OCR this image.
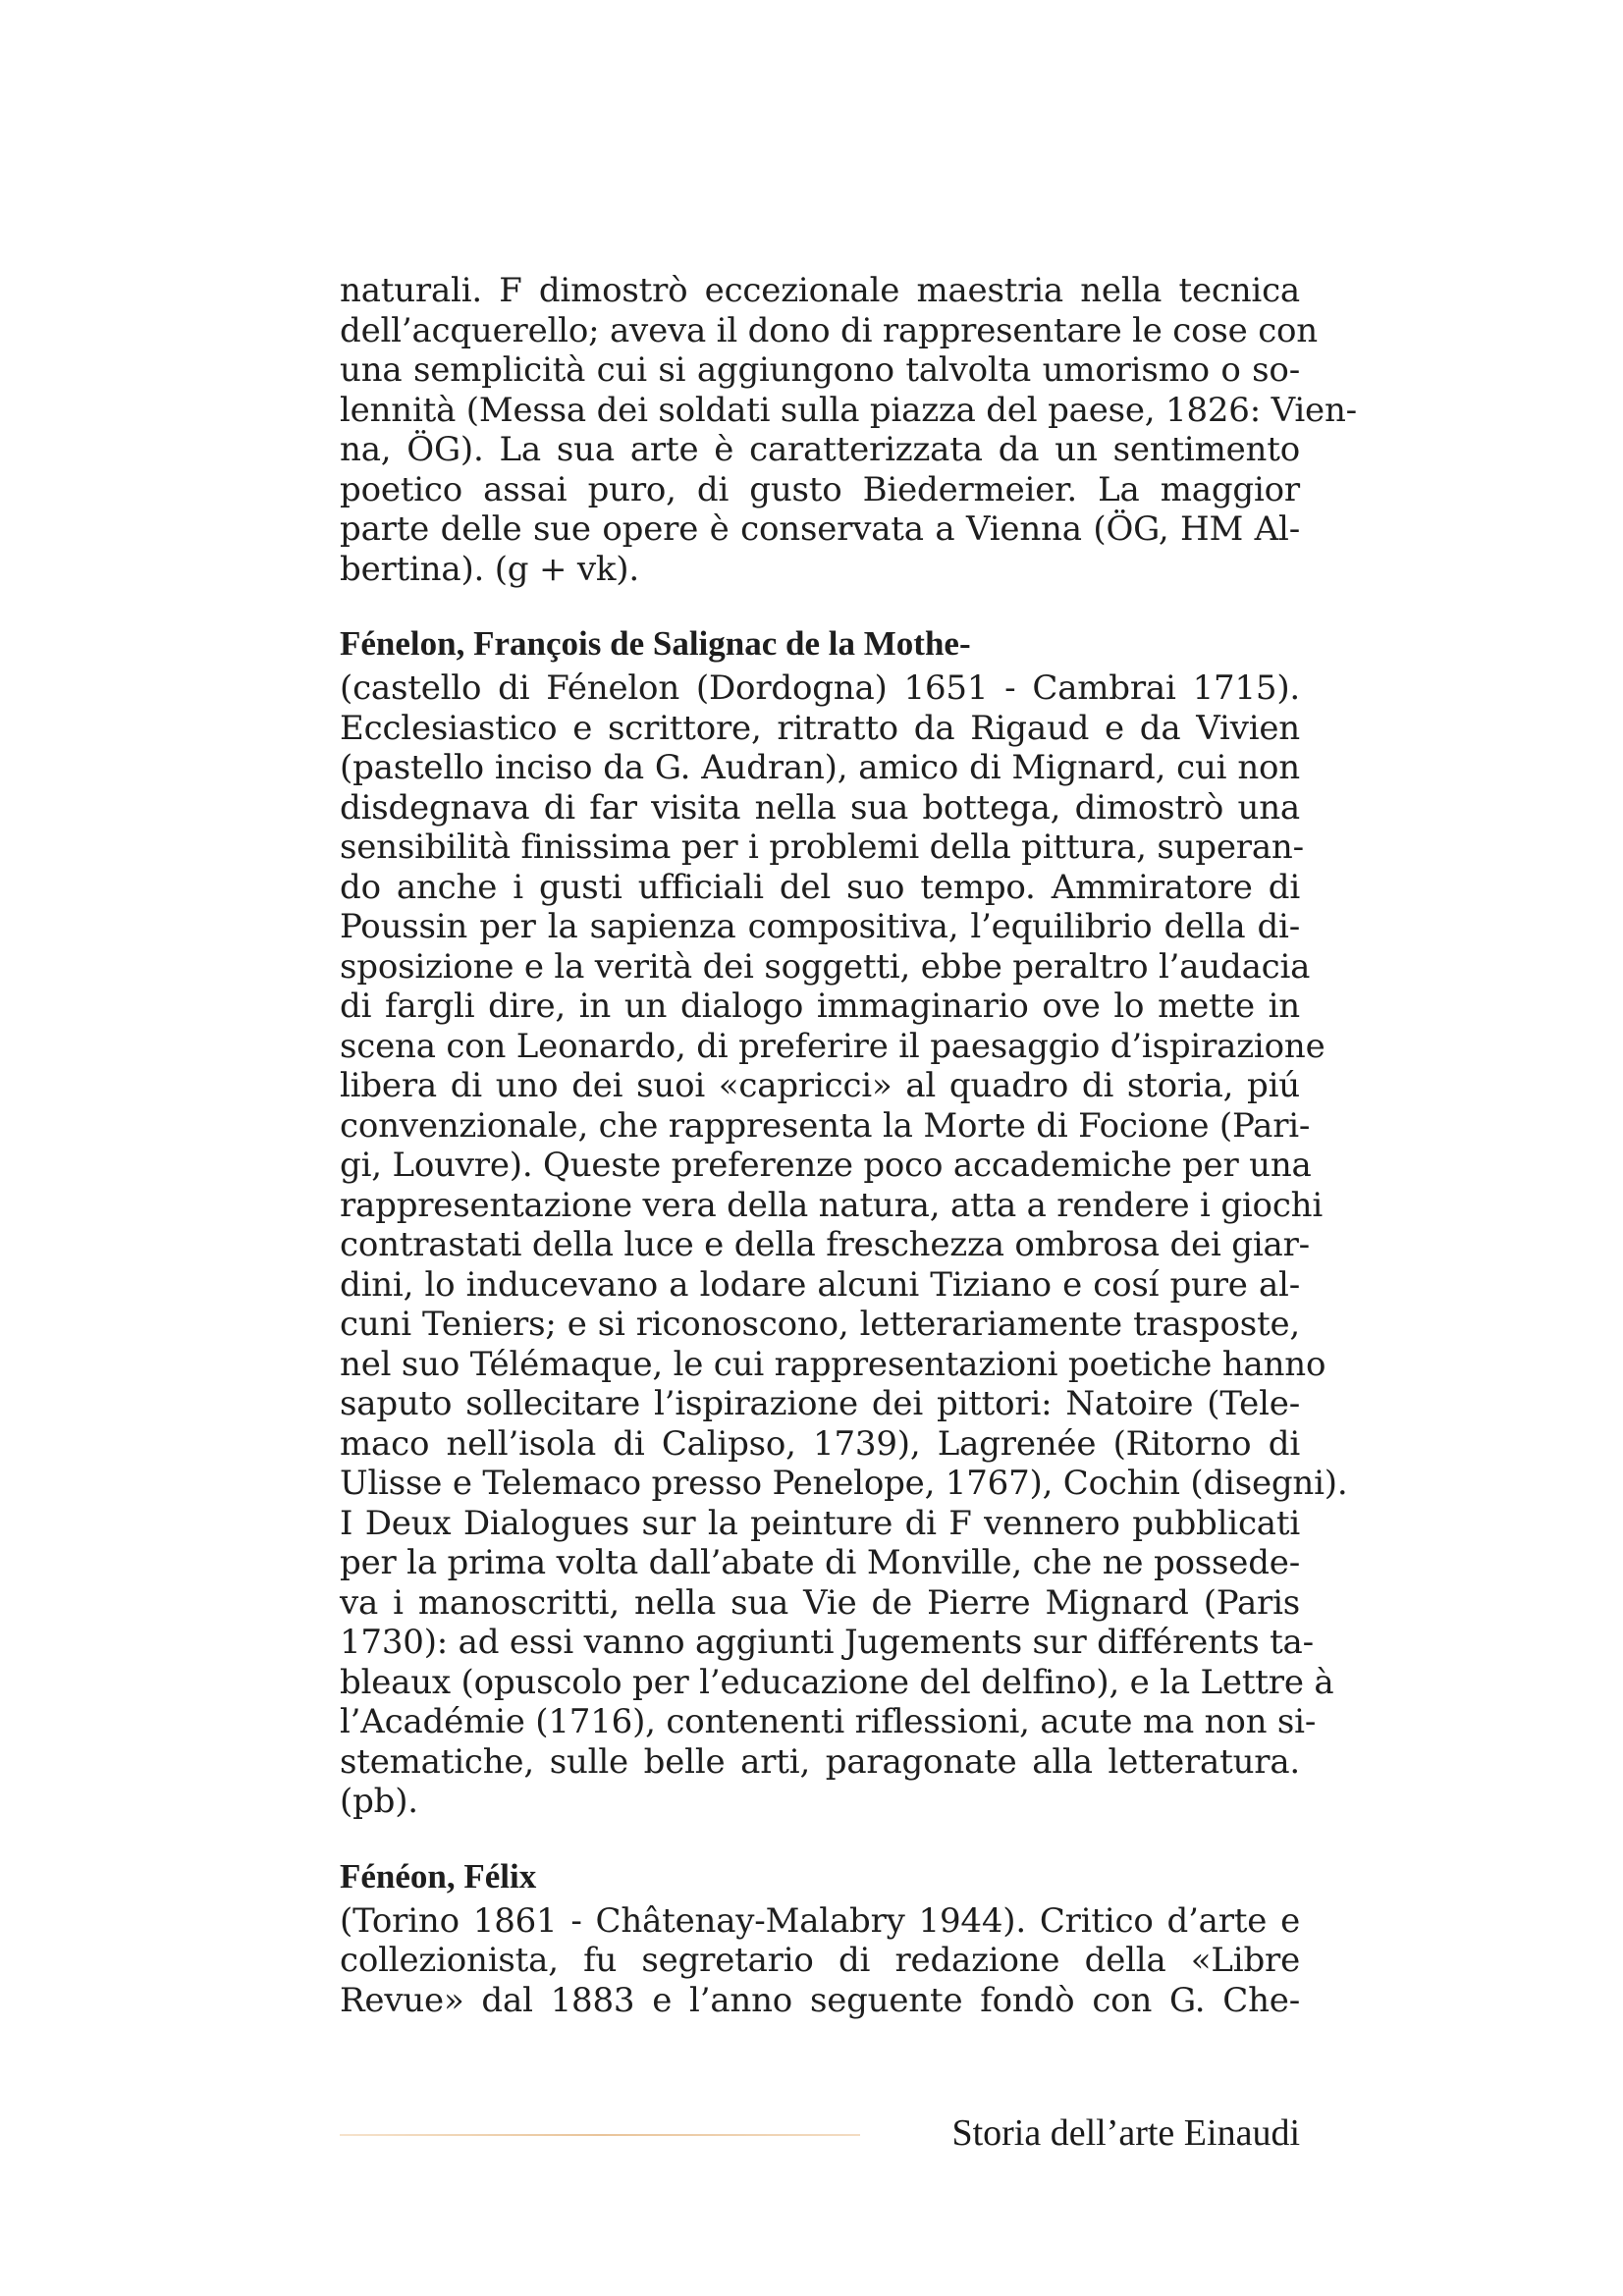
naturali. F dimostrò eccezionale maestria nella tecnica
dell’acquerello; aveva il dono di rappresentare le cose con
una semplicità cui si aggiungono talvolta umorismo o so-
lennità (Messa dei soldati sulla piazza del paese, 1826: Vien-
na, ÖG). La sua arte è caratterizzata da un sentimento
poetico assai puro, di gusto Biedermeier. La maggior
parte delle sue opere è conservata a Vienna (ÖG, HM Al-
bertina). (g + vk).
Fénelon, François de Salignac de la Mothe-
(castello di Fénelon (Dordogna) 1651 - Cambrai 1715).
Ecclesiastico e scrittore, ritratto da Rigaud e da Vivien
(pastello inciso da G. Audran), amico di Mignard, cui non
disdegnava di far visita nella sua bottega, dimostrò una
sensibilità finissima per i problemi della pittura, superan-
do anche i gusti ufficiali del suo tempo. Ammiratore di
Poussin per la sapienza compositiva, l’equilibrio della di-
sposizione e la verità dei soggetti, ebbe peraltro l’audacia
di fargli dire, in un dialogo immaginario ove lo mette in
scena con Leonardo, di preferire il paesaggio d’ispirazione
libera di uno dei suoi «capricci» al quadro di storia, piú
convenzionale, che rappresenta la Morte di Focione (Pari-
gi, Louvre). Queste preferenze poco accademiche per una
rappresentazione vera della natura, atta a rendere i giochi
contrastati della luce e della freschezza ombrosa dei giar-
dini, lo inducevano a lodare alcuni Tiziano e cosí pure al-
cuni Teniers; e si riconoscono, letterariamente trasposte,
nel suo Télémaque, le cui rappresentazioni poetiche hanno
saputo sollecitare l’ispirazione dei pittori: Natoire (Tele-
maco nell’isola di Calipso, 1739), Lagrenée (Ritorno di
Ulisse e Telemaco presso Penelope, 1767), Cochin (disegni).
I Deux Dialogues sur la peinture di F vennero pubblicati
per la prima volta dall’abate di Monville, che ne possede-
va i manoscritti, nella sua Vie de Pierre Mignard (Paris
1730): ad essi vanno aggiunti Jugements sur différents ta-
bleaux (opuscolo per l’educazione del delfino), e la Lettre à
l’Académie (1716), contenenti riflessioni, acute ma non si-
stematiche, sulle belle arti, paragonate alla letteratura.
(pb).
Fénéon, Félix
(Torino 1861 - Châtenay-Malabry 1944). Critico d’arte e
collezionista, fu segretario di redazione della «Libre
Revue» dal 1883 e l’anno seguente fondò con G. Che-
Storia dell’arte Einaudi
